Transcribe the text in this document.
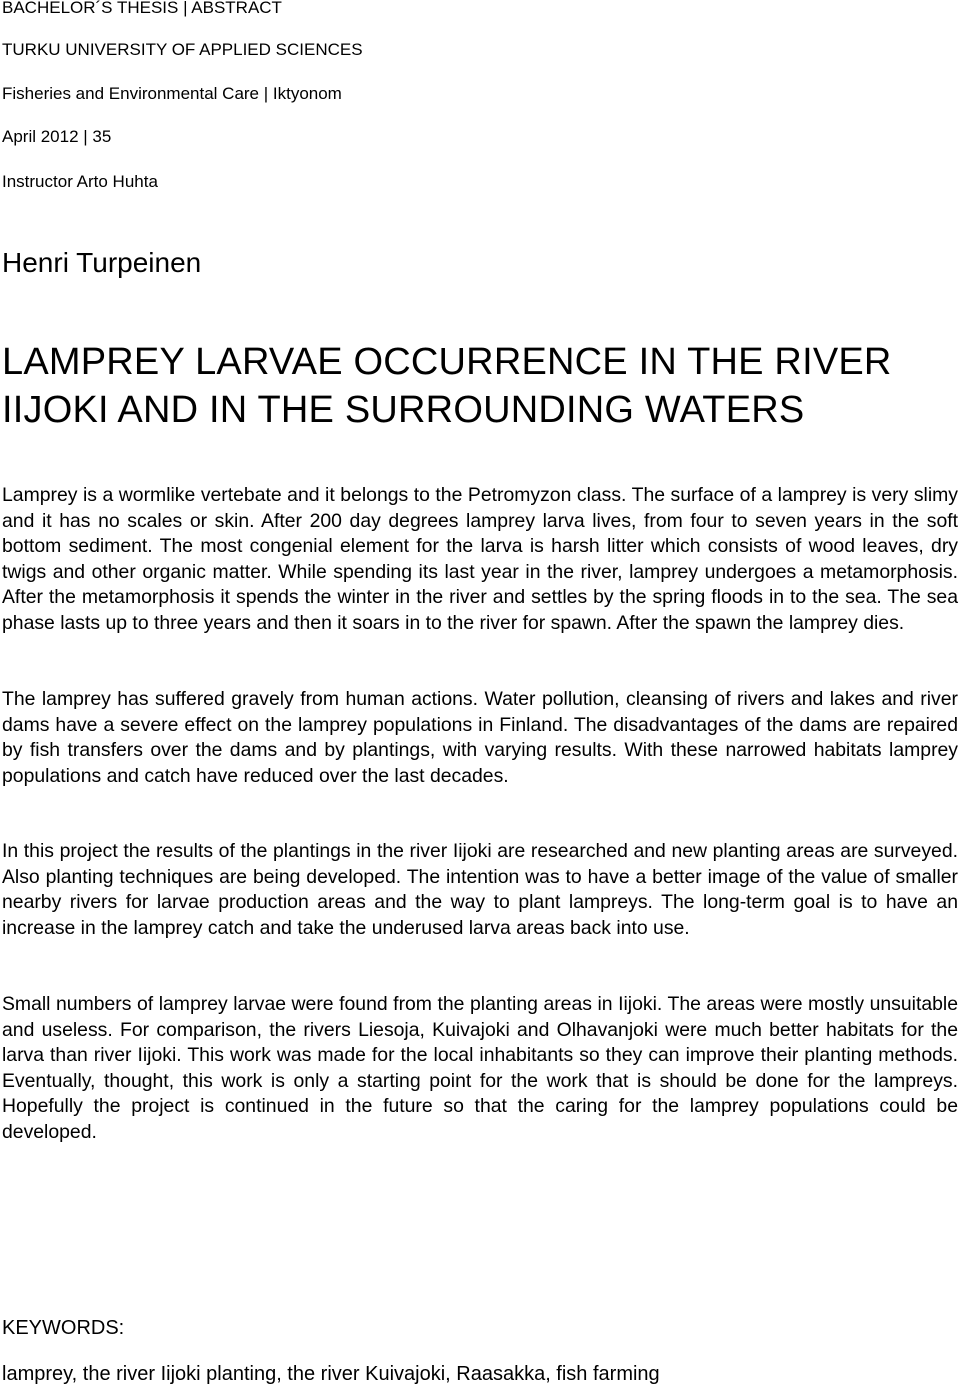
BACHELOR´S THESIS | ABSTRACT
TURKU UNIVERSITY OF APPLIED SCIENCES
Fisheries and Environmental Care | Iktyonom
April 2012 | 35
Instructor Arto Huhta
Henri Turpeinen
LAMPREY LARVAE OCCURRENCE IN THE RIVER IIJOKI AND IN THE SURROUNDING WATERS

Lamprey is a wormlike vertebate and it belongs to the Petromyzon class. The surface of a lamprey is very slimy and it has no scales or skin. After 200 day degrees lamprey larva lives, from four to seven years in the soft bottom sediment. The most congenial element for the larva is harsh litter which consists of wood leaves, dry twigs and other organic matter. While spending its last year in the river, lamprey undergoes a metamorphosis. After the metamorphosis it spends the winter in the river and settles by the spring floods in to the sea. The sea phase lasts up to three years and then it soars in to the river for spawn. After the spawn the lamprey dies.

The lamprey has suffered gravely from human actions. Water pollution, cleansing of rivers and lakes and river dams have a severe effect on the lamprey populations in Finland. The disadvantages of the dams are repaired by fish transfers over the dams and by plantings, with varying results. With these narrowed habitats lamprey populations and catch have reduced over the last decades.

In this project the results of the plantings in the river Iijoki are researched and new planting areas are surveyed. Also planting techniques are being developed. The intention was to have a better image of the value of smaller nearby rivers for larvae production areas and the way to plant lampreys. The long-term goal is to have an increase in the lamprey catch and take the underused larva areas back into use.

Small numbers of lamprey larvae were found from the planting areas in Iijoki. The areas were mostly unsuitable and useless. For comparison, the rivers Liesoja, Kuivajoki and Olhavanjoki were much better habitats for the larva than river Iijoki. This work was made for the local inhabitants so they can improve their planting methods. Eventually, thought, this work is only a starting point for the work that is should be done for the lampreys. Hopefully the project is continued in the future so that the caring for the lamprey populations could be developed.

KEYWORDS:
lamprey, the river Iijoki planting, the river Kuivajoki, Raasakka, fish farming
